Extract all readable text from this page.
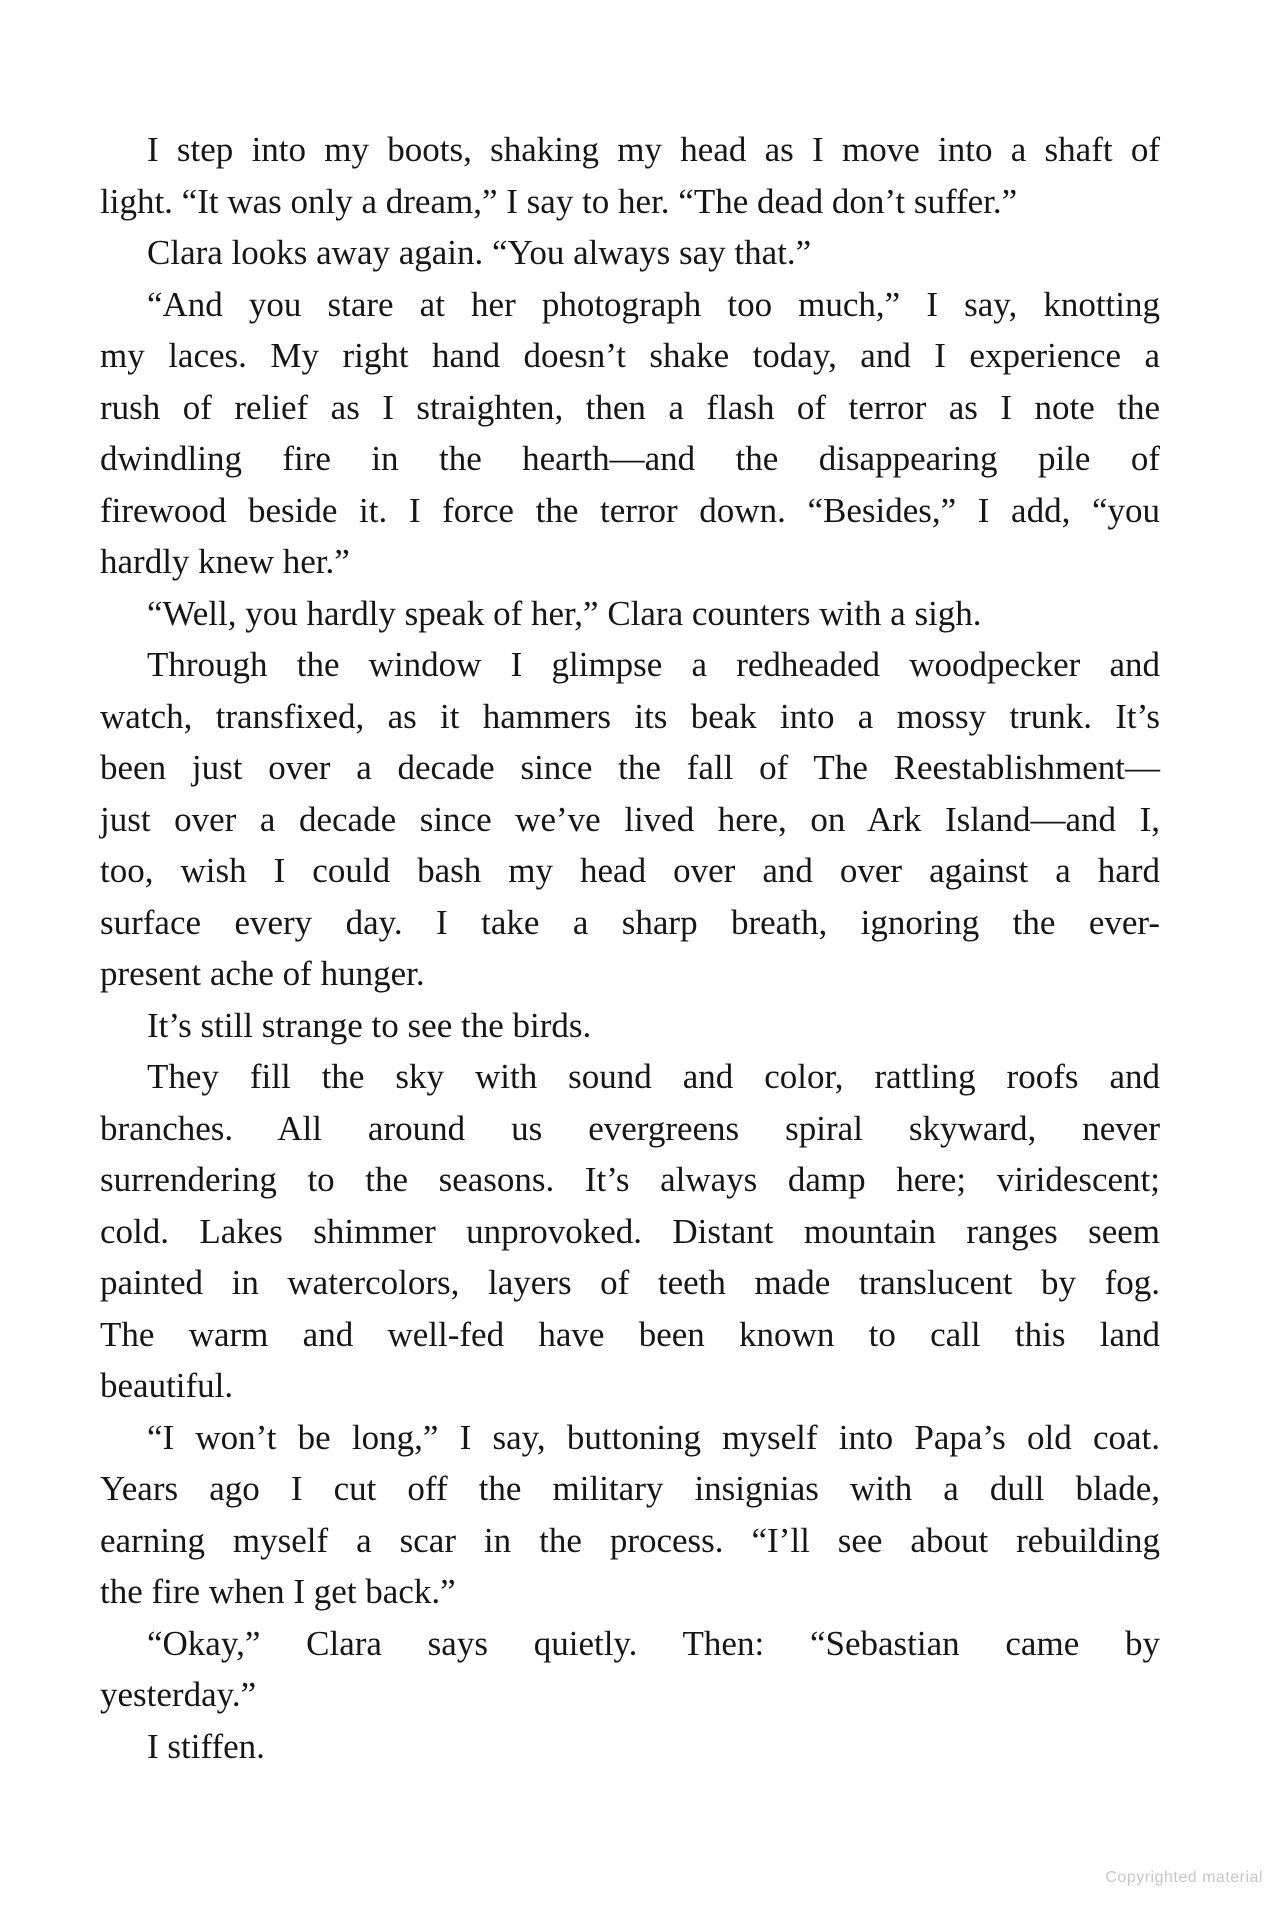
I step into my boots, shaking my head as I move into a shaft of
light. “It was only a dream,” I say to her. “The dead don’t suffer.”
Clara looks away again. “You always say that.”
“And you stare at her photograph too much,” I say, knotting
my laces. My right hand doesn’t shake today, and I experience a
rush of relief as I straighten, then a flash of terror as I note the
dwindling fire in the hearth—and the disappearing pile of
firewood beside it. I force the terror down. “Besides,” I add, “you
hardly knew her.”
“Well, you hardly speak of her,” Clara counters with a sigh.
Through the window I glimpse a redheaded woodpecker and
watch, transfixed, as it hammers its beak into a mossy trunk. It’s
been just over a decade since the fall of The Reestablishment—
just over a decade since we’ve lived here, on Ark Island—and I,
too, wish I could bash my head over and over against a hard
surface every day. I take a sharp breath, ignoring the ever-
present ache of hunger.
It’s still strange to see the birds.
They fill the sky with sound and color, rattling roofs and
branches. All around us evergreens spiral skyward, never
surrendering to the seasons. It’s always damp here; viridescent;
cold. Lakes shimmer unprovoked. Distant mountain ranges seem
painted in watercolors, layers of teeth made translucent by fog.
The warm and well-fed have been known to call this land
beautiful.
“I won’t be long,” I say, buttoning myself into Papa’s old coat.
Years ago I cut off the military insignias with a dull blade,
earning myself a scar in the process. “I’ll see about rebuilding
the fire when I get back.”
“Okay,” Clara says quietly. Then: “Sebastian came by
yesterday.”
I stiffen.
Copyrighted material
